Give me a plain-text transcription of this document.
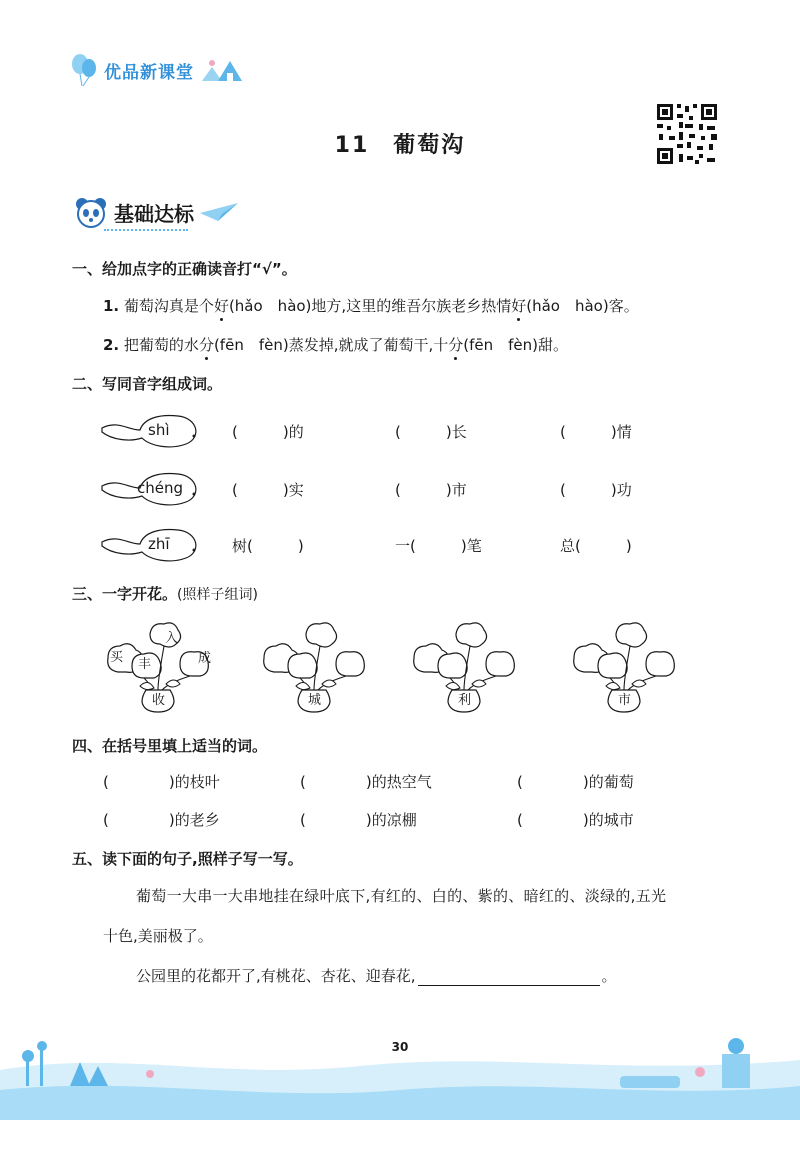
优品新课堂
11 葡萄沟
基础达标
一、给加点字的正确读音打“√”。
1. 葡萄沟真是个好(hǎo　hào)地方,这里的维吾尔族老乡热情好(hǎo　hào)客。
2. 把葡萄的水分(fēn　fèn)蒸发掉,就成了葡萄干,十分(fēn　fèn)甜。
二、写同音字组成词。
shì	(　　　)的	(　　　)长	(　　　)情
chéng	(　　　)实	(　　　)市	(　　　)功
zhī	树(　　　)	一(　　　)笔	总(　　　)
三、一字开花。(照样子组词)
买 丰
入
成
收	城	利	市
四、在括号里填上适当的词。
(　　　　)的枝叶	(　　　　)的热空气	(　　　　)的葡萄
(　　　　)的老乡	(　　　　)的凉棚	(　　　　)的城市
五、读下面的句子,照样子写一写。
葡萄一大串一大串地挂在绿叶底下,有红的、白的、紫的、暗红的、淡绿的,五光
十色,美丽极了。
公园里的花都开了,有桃花、杏花、迎春花,	。
30
